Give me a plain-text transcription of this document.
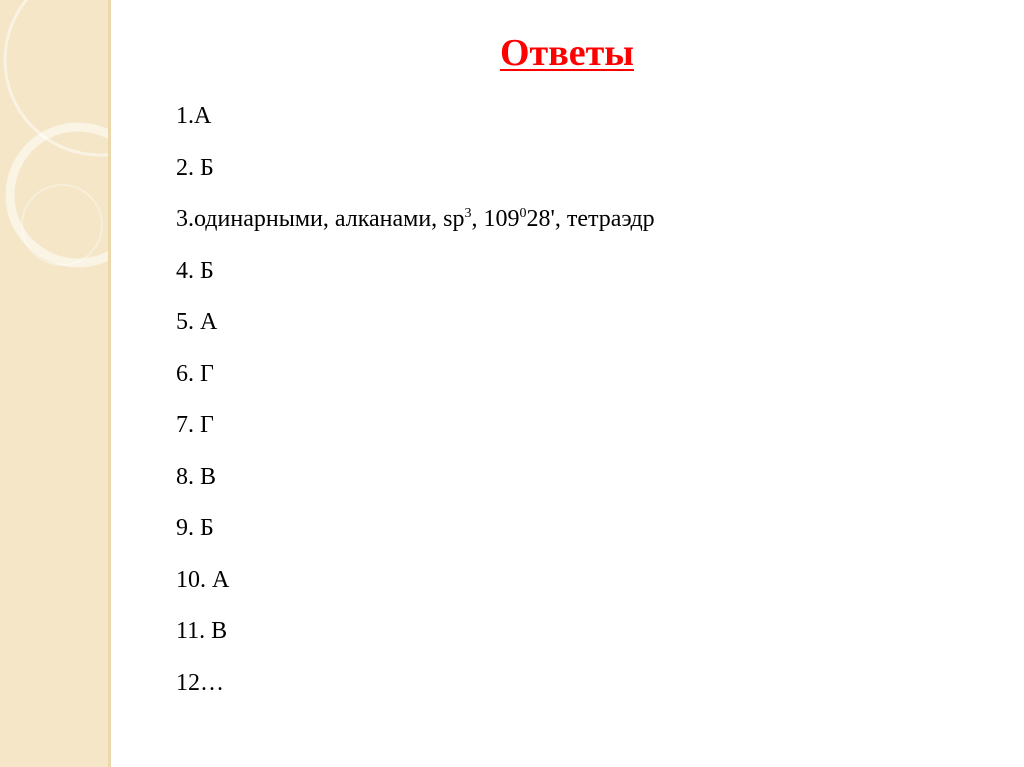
Ответы
1.А
2. Б
3.одинарными, алканами, $sp^3$, $109^028'$, тетраэдр
4. Б
5. А
6. Г
7. Г
8. В
9. Б
10. А
11. В
12…
